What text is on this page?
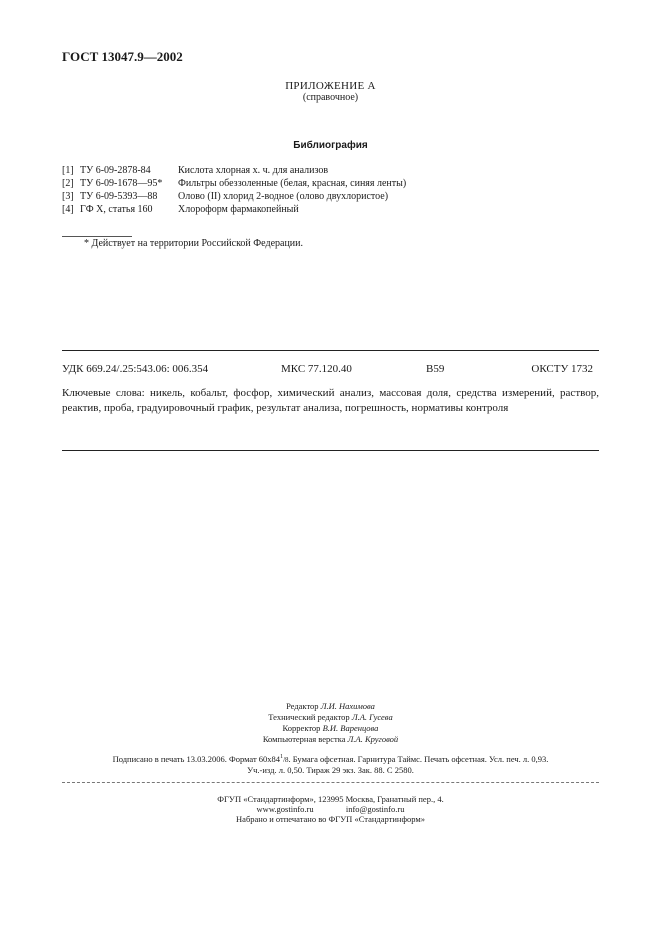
ГОСТ 13047.9—2002
ПРИЛОЖЕНИЕ А
(справочное)
Библиография
[1] ТУ 6-09-2878-84	Кислота хлорная х. ч. для анализов
[2] ТУ 6-09-1678—95*	Фильтры обеззоленные (белая, красная, синяя ленты)
[3] ТУ 6-09-5393—88	Олово (II) хлорид 2-водное (олово двухлористое)
[4] ГФ X, статья 160	Хлороформ фармакопейный
* Действует на территории Российской Федерации.
УДК 669.24/.25:543.06: 006.354	МКС 77.120.40	В59	ОКСТУ 1732
Ключевые слова: никель, кобальт, фосфор, химический анализ, массовая доля, средства измерений, раствор, реактив, проба, градуировочный график, результат анализа, погрешность, нормативы контроля
Редактор Л.И. Нахимова
Технический редактор Л.А. Гусева
Корректор В.И. Варенцова
Компьютерная верстка Л.А. Круговой
Подписано в печать 13.03.2006. Формат $60x84^1/8$. Бумага офсетная. Гарнитура Таймс. Печать офсетная. Усл. печ. л. 0,93.
Уч.-изд. л. 0,50. Тираж 29 экз. Зак. 88. С 2580.
ФГУП «Стандартинформ», 123995 Москва, Гранатный пер., 4.
www.gostinfo.ru	info@gostinfo.ru
Набрано и отпечатано во ФГУП «Стандартинформ»
